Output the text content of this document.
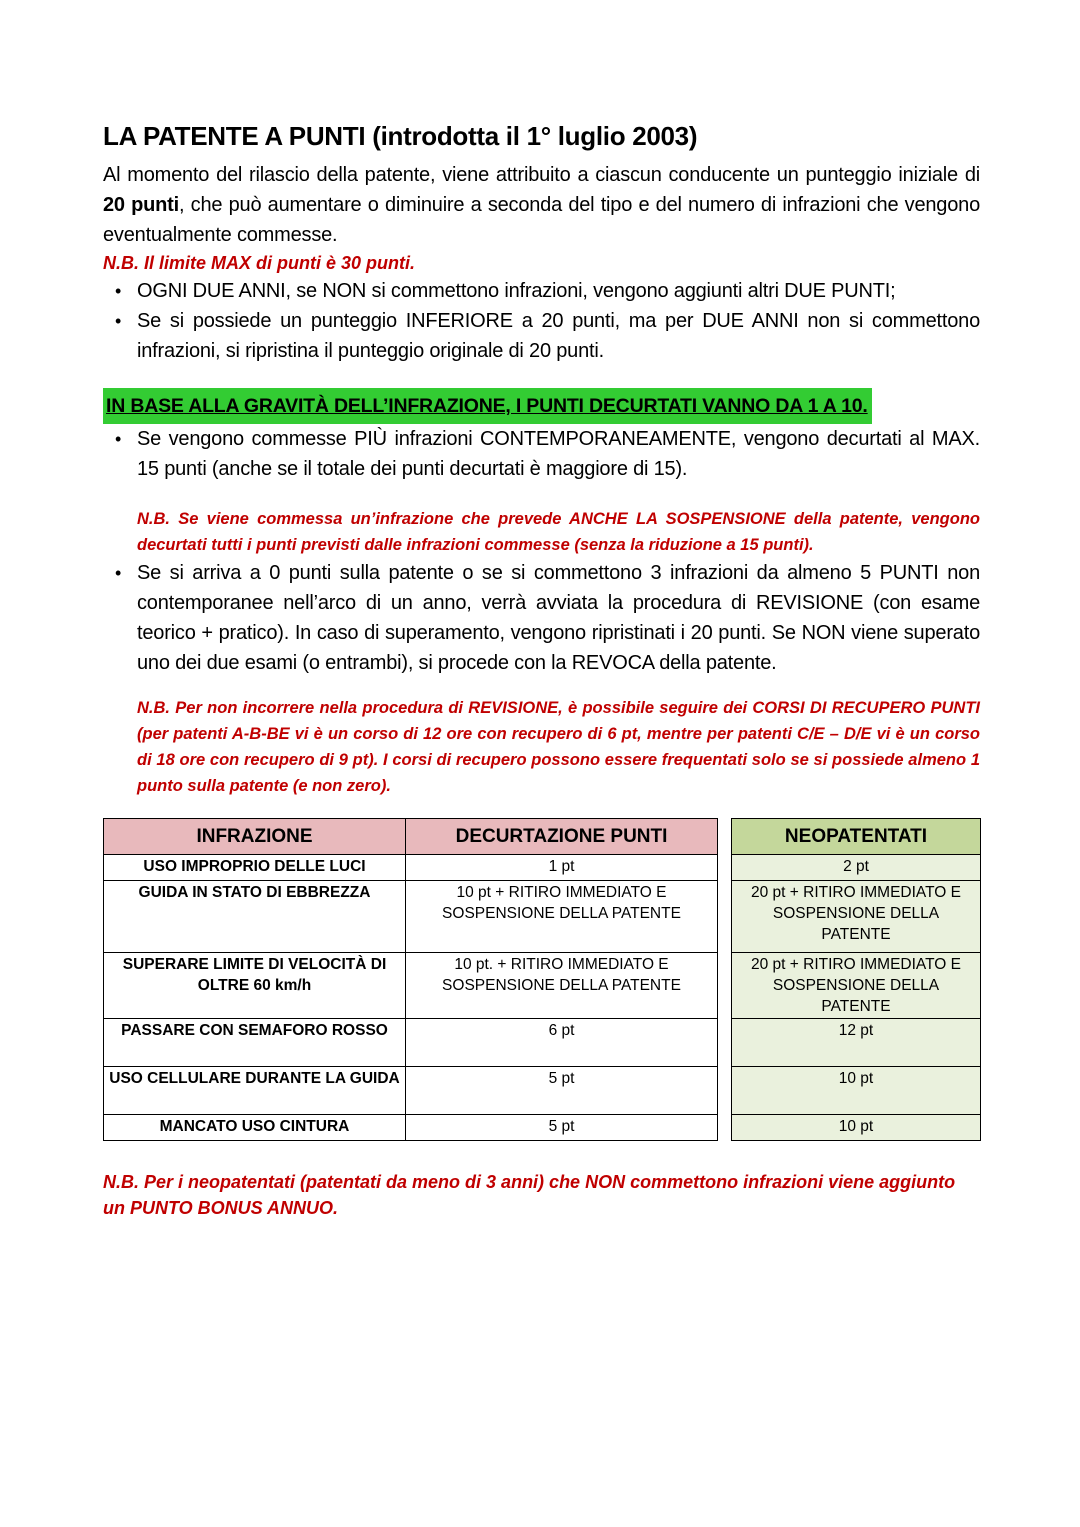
LA PATENTE A PUNTI (introdotta il 1° luglio 2003)

Al momento del rilascio della patente, viene attribuito a ciascun conducente un punteggio iniziale di 20 punti, che può aumentare o diminuire a seconda del tipo e del numero di infrazioni che vengono eventualmente commesse.

N.B. Il limite MAX di punti è 30 punti.

• OGNI DUE ANNI, se NON si commettono infrazioni, vengono aggiunti altri DUE PUNTI;
• Se si possiede un punteggio INFERIORE a 20 punti, ma per DUE ANNI non si commettono infrazioni, si ripristina il punteggio originale di 20 punti.
IN BASE ALLA GRAVITÀ DELL’INFRAZIONE, I PUNTI DECURTATI VANNO DA 1 A 10.
• Se vengono commesse PIÙ infrazioni CONTEMPORANEAMENTE, vengono decurtati al MAX. 15 punti (anche se il totale dei punti decurtati è maggiore di 15).

N.B. Se viene commessa un’infrazione che prevede ANCHE LA SOSPENSIONE della patente, vengono decurtati tutti i punti previsti dalle infrazioni commesse (senza la riduzione a 15 punti).

• Se si arriva a 0 punti sulla patente o se si commettono 3 infrazioni da almeno 5 PUNTI non contemporanee nell’arco di un anno, verrà avviata la procedura di REVISIONE (con esame teorico + pratico). In caso di superamento, vengono ripristinati i 20 punti. Se NON viene superato uno dei due esami (o entrambi), si procede con la REVOCA della patente.

N.B. Per non incorrere nella procedura di REVISIONE, è possibile seguire dei CORSI DI RECUPERO PUNTI (per patenti A-B-BE vi è un corso di 12 ore con recupero di 6 pt, mentre per patenti C/E – D/E vi è un corso di 18 ore con recupero di 9 pt). I corsi di recupero possono essere frequentati solo se si possiede almeno 1 punto sulla patente (e non zero).

INFRAZIONE	DECURTAZIONE PUNTI		NEOPATENTATI
USO IMPROPRIO DELLE LUCI	1 pt		2 pt
GUIDA IN STATO DI EBBREZZA	10 pt + RITIRO IMMEDIATO E SOSPENSIONE DELLA PATENTE		20 pt + RITIRO IMMEDIATO E SOSPENSIONE DELLA PATENTE
SUPERARE LIMITE DI VELOCITÀ DI OLTRE 60 km/h	10 pt. + RITIRO IMMEDIATO E SOSPENSIONE DELLA PATENTE		20 pt + RITIRO IMMEDIATO E SOSPENSIONE DELLA PATENTE
PASSARE CON SEMAFORO ROSSO	6 pt		12 pt
USO CELLULARE DURANTE LA GUIDA	5 pt		10 pt
MANCATO USO CINTURA	5 pt		10 pt

N.B. Per i neopatentati (patentati da meno di 3 anni) che NON commettono infrazioni viene aggiunto un PUNTO BONUS ANNUO.
